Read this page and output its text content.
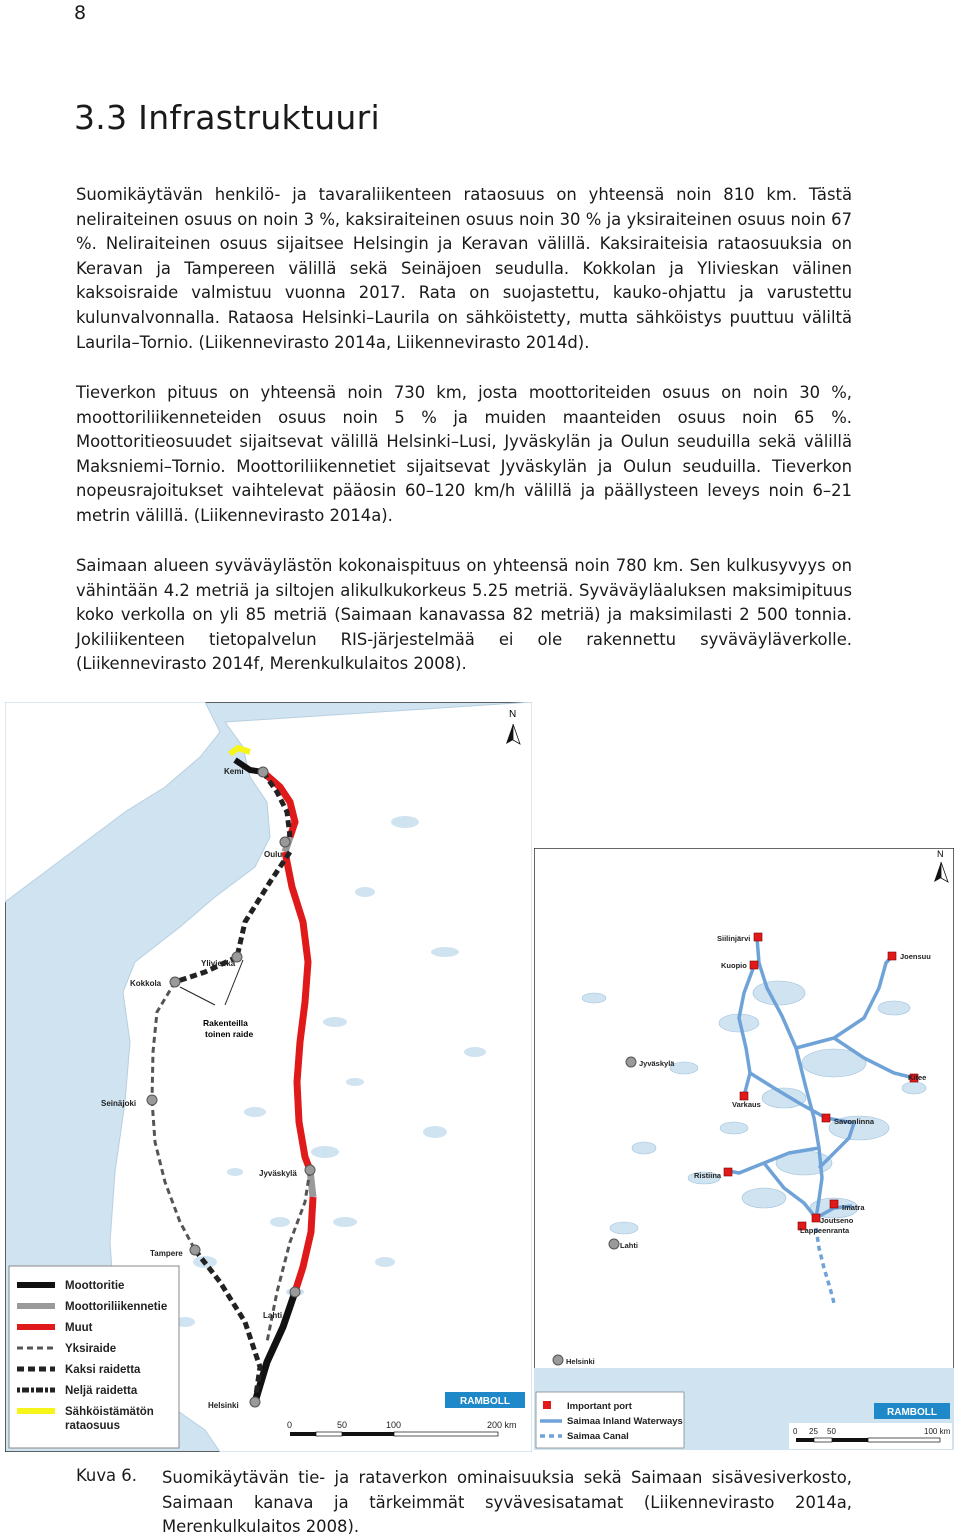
8
3.3 Infrastruktuuri

Suomikäytävän henkilö- ja tavaraliikenteen rataosuus on yhteensä noin 810 km. Tästä neliraiteinen osuus on noin 3 %, kaksiraiteinen osuus noin 30 % ja yksiraiteinen osuus noin 67 %. Neliraiteinen osuus sijaitsee Helsingin ja Keravan välillä. Kaksiraiteisia rataosuuksia on Keravan ja Tampereen välillä sekä Seinäjoen seudulla. Kokkolan ja Ylivieskan välinen kaksoisraide valmistuu vuonna 2017. Rata on suojastettu, kauko-ohjattu ja varustettu kulunvalvonnalla. Rataosa Helsinki–Laurila on sähköistetty, mutta sähköistys puuttuu väliltä Laurila–Tornio. (Liikennevirasto 2014a, Liikennevirasto 2014d).

Tieverkon pituus on yhteensä noin 730 km, josta moottoriteiden osuus on noin 30 %, moottoriliikenneteiden osuus noin 5 % ja muiden maanteiden osuus noin 65 %. Moottoritieosuudet sijaitsevat välillä Helsinki–Lusi, Jyväskylän ja Oulun seuduilla sekä välillä Maksniemi–Tornio. Moottoriliikennetiet sijaitsevat Jyväskylän ja Oulun seuduilla. Tieverkon nopeusrajoitukset vaihtelevat pääosin 60–120 km/h välillä ja päällysteen leveys noin 6–21 metrin välillä. (Liikennevirasto 2014a).

Saimaan alueen syväväylästön kokonaispituus on yhteensä noin 780 km. Sen kulkusyvyys on vähintään 4.2 metriä ja siltojen alikulkukorkeus 5.25 metriä. Syväväyläaluksen maksimipituus koko verkolla on yli 85 metriä (Saimaan kanavassa 82 metriä) ja maksimilasti 2 500 tonnia. Jokiliikenteen tietopalvelun RIS-järjestelmää ei ole rakennettu syväväyläverkolle. (Liikennevirasto 2014f, Merenkulkulaitos 2008).

Rakenteilla
toinen raide
Kemi
Oulu
Ylivieska
Kokkola
Seinäjoki
Jyväskylä
Tampere
Lahti
Helsinki
N
Moottoritie
Moottoriliikennetie
Muut
Yksiraide
Kaksi raidetta
Neljä raidetta
Sähköistämätön
rataosuus
RAMBOLL
0	50	100	200 km
Siilinjärvi
Kuopio
Joensuu
Varkaus
Kitee
Savonlinna
Ristiina
Imatra
Joutseno
Lappeenranta
Jyväskylä
Lahti
Helsinki
N
Important port
Saimaa Inland Waterways
Saimaa Canal
RAMBOLL
0 25 50	100 km
Kuva 6. Suomikäytävän tie- ja rataverkon ominaisuuksia sekä Saimaan sisävesiverkosto, Saimaan kanava ja tärkeimmät syvävesisatamat (Liikennevirasto 2014a, Merenkulkulaitos 2008).
